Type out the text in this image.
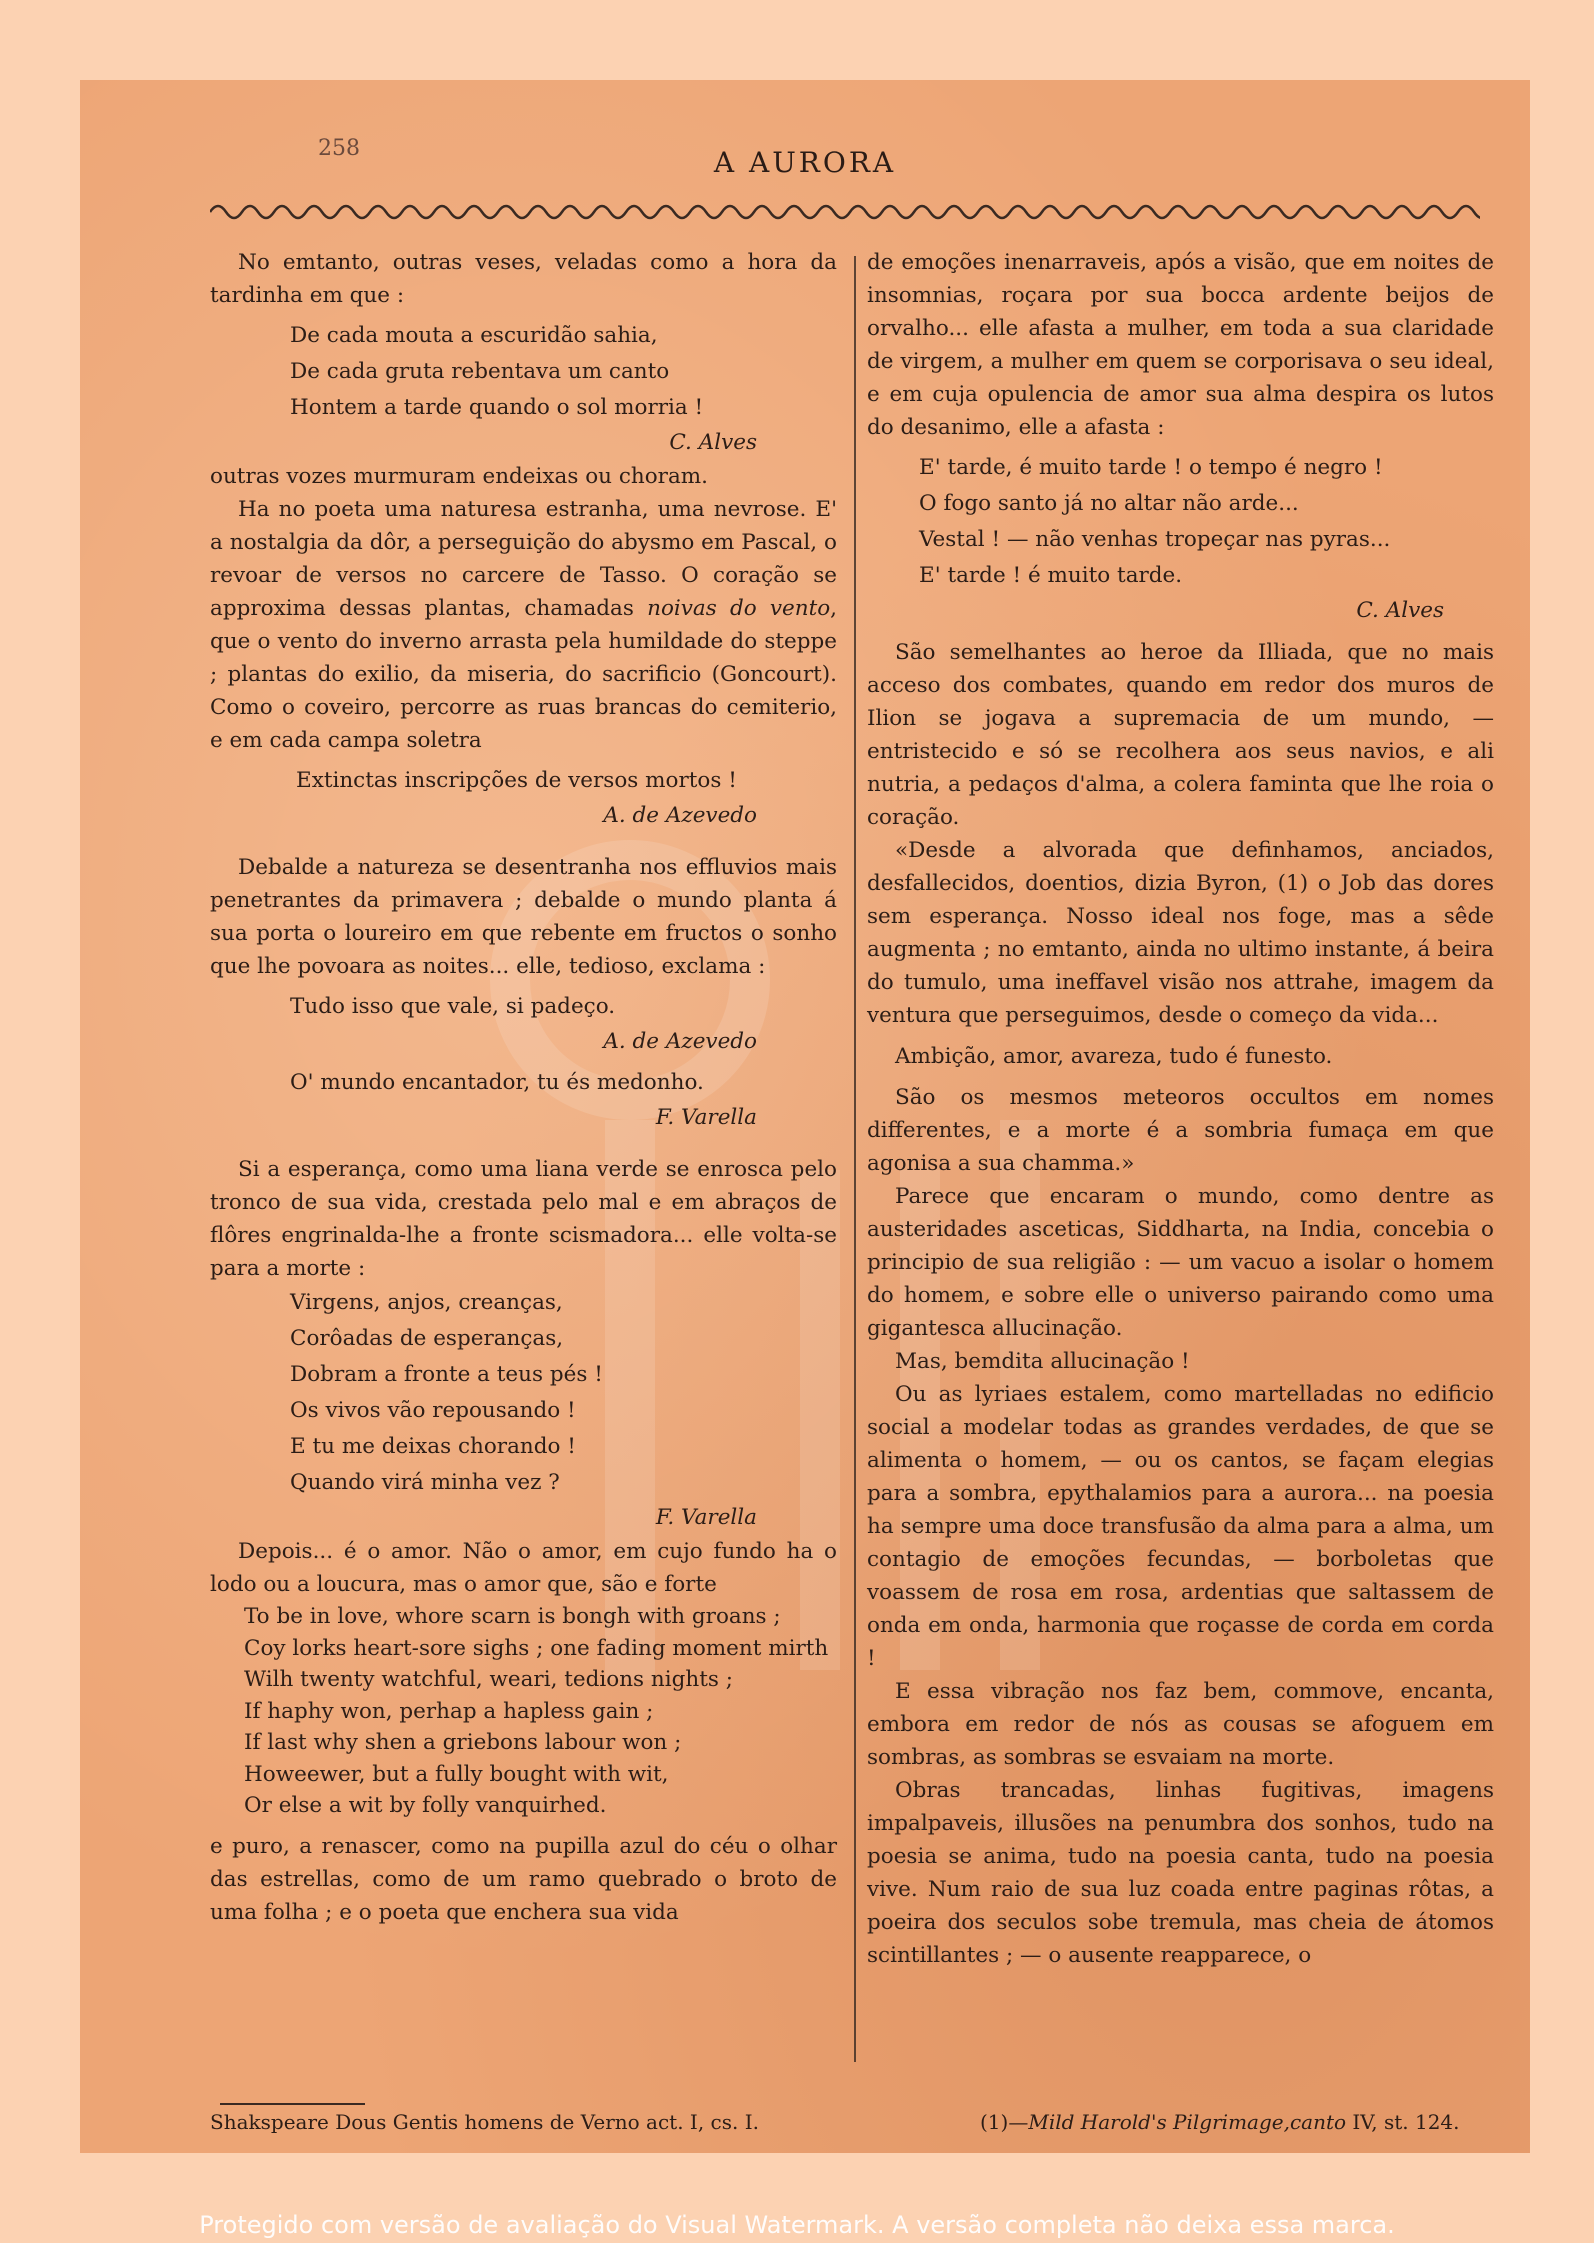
258	A AURORA

No emtanto, outras veses, veladas como a hora da tardinha em que :

De cada mouta a escuridão sahia,

De cada gruta rebentava um canto

Hontem a tarde quando o sol morria !

C. Alves

outras vozes murmuram endeixas ou choram.

Ha no poeta uma naturesa estranha, uma nevrose. E' a nostalgia da dôr, a perseguição do abysmo em Pascal, o revoar de versos no carcere de Tasso. O coração se approxima dessas plantas, chamadas noivas do vento, que o vento do inverno arrasta pela humildade do steppe ; plantas do exilio, da miseria, do sacrificio (Goncourt). Como o coveiro, percorre as ruas brancas do cemiterio, e em cada campa soletra

Extinctas inscripções de versos mortos !

A. de Azevedo

Debalde a natureza se desentranha nos effluvios mais penetrantes da primavera ; debalde o mundo planta á sua porta o loureiro em que rebente em fructos o sonho que lhe povoara as noites... elle, tedioso, exclama :

Tudo isso que vale, si padeço.

A. de Azevedo

O' mundo encantador, tu és medonho.

F. Varella

Si a esperança, como uma liana verde se enrosca pelo tronco de sua vida, crestada pelo mal e em abraços de flôres engrinalda-lhe a fronte scismadora... elle volta-se para a morte :

Virgens, anjos, creanças,

Corôadas de esperanças,

Dobram a fronte a teus pés !

Os vivos vão repousando !

E tu me deixas chorando !

Quando virá minha vez ?

F. Varella

Depois... é o amor. Não o amor, em cujo fundo ha o lodo ou a loucura, mas o amor que, são e forte

To be in love, whore scarn is bongh with groans ;

Coy lorks heart-sore sighs ; one fading moment mirth

Wilh twenty watchful, weari, tedions nights ;

If haphy won, perhap a hapless gain ;

If last why shen a griebons labour won ;

Howeewer, but a fully bought with wit,

Or else a wit by folly vanquirhed.

e puro, a renascer, como na pupilla azul do céu o olhar das estrellas, como de um ramo quebrado o broto de uma folha ; e o poeta que enchera sua vida

de emoções inenarraveis, após a visão, que em noites de insomnias, roçara por sua bocca ardente beijos de orvalho... elle afasta a mulher, em toda a sua claridade de virgem, a mulher em quem se corporisava o seu ideal, e em cuja opulencia de amor sua alma despira os lutos do desanimo, elle a afasta :

E' tarde, é muito tarde ! o tempo é negro !

O fogo santo já no altar não arde...

Vestal ! — não venhas tropeçar nas pyras...

E' tarde ! é muito tarde.

C. Alves

São semelhantes ao heroe da Illiada, que no mais acceso dos combates, quando em redor dos muros de Ilion se jogava a supremacia de um mundo, — entristecido e só se recolhera aos seus navios, e ali nutria, a pedaços d'alma, a colera faminta que lhe roia o coração.

«Desde a alvorada que definhamos, anciados, desfallecidos, doentios, dizia Byron, (1) o Job das dores sem esperança. Nosso ideal nos foge, mas a sêde augmenta ; no emtanto, ainda no ultimo instante, á beira do tumulo, uma ineffavel visão nos attrahe, imagem da ventura que perseguimos, desde o começo da vida...

Ambição, amor, avareza, tudo é funesto.

São os mesmos meteoros occultos em nomes differentes, e a morte é a sombria fumaça em que agonisa a sua chamma.»

Parece que encaram o mundo, como dentre as austeridades asceticas, Siddharta, na India, concebia o principio de sua religião : — um vacuo a isolar o homem do homem, e sobre elle o universo pairando como uma gigantesca allucinação.

Mas, bemdita allucinação !

Ou as lyriaes estalem, como martelladas no edificio social a modelar todas as grandes verdades, de que se alimenta o homem, — ou os cantos, se façam elegias para a sombra, epythalamios para a aurora... na poesia ha sempre uma doce transfusão da alma para a alma, um contagio de emoções fecundas, — borboletas que voassem de rosa em rosa, ardentias que saltassem de onda em onda, harmonia que roçasse de corda em corda !

E essa vibração nos faz bem, commove, encanta, embora em redor de nós as cousas se afoguem em sombras, as sombras se esvaiam na morte.

Obras trancadas, linhas fugitivas, imagens impalpaveis, illusões na penumbra dos sonhos, tudo na poesia se anima, tudo na poesia canta, tudo na poesia vive. Num raio de sua luz coada entre paginas rôtas, a poeira dos seculos sobe tremula, mas cheia de átomos scintillantes ; — o ausente reapparece, o

Shakspeare Dous Gentis homens de Verno act. I, cs. I.	(1)—Mild Harold's Pilgrimage,canto IV, st. 124.
Protegido com versão de avaliação do Visual Watermark. A versão completa não deixa essa marca.
